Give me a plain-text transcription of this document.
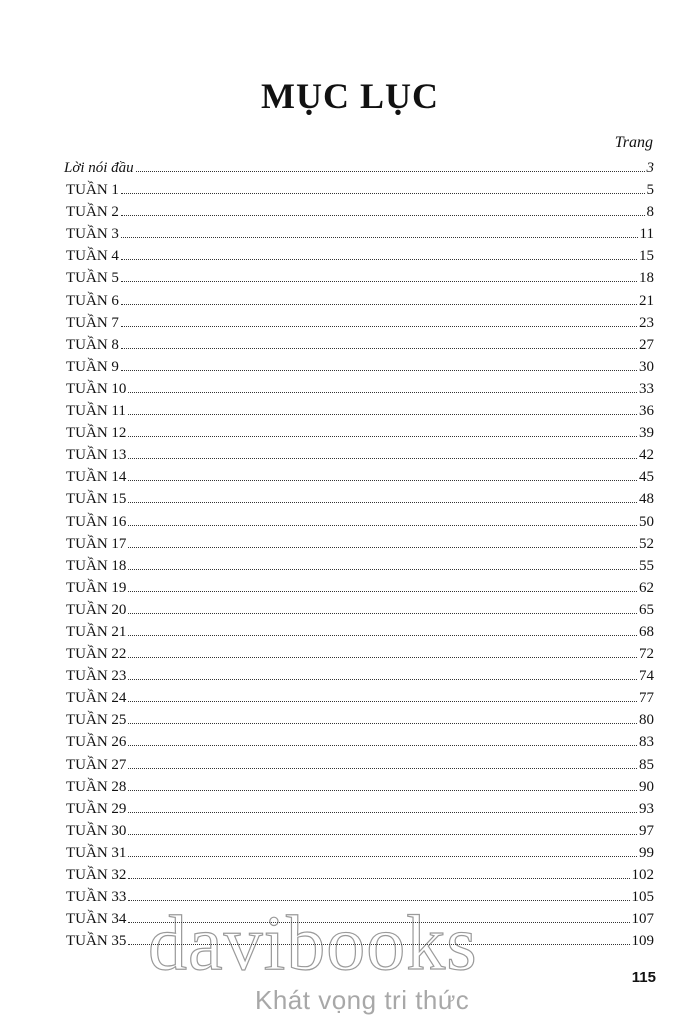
davibooks
Khát vọng tri thức
MỤC LỤC
Trang
Lời nói đầu	3
TUẦN 1	5
TUẦN 2	8
TUẦN 3	11
TUẦN 4	15
TUẦN 5	18
TUẦN 6	21
TUẦN 7	23
TUẦN 8	27
TUẦN 9	30
TUẦN 10	33
TUẦN 11	36
TUẦN 12	39
TUẦN 13	42
TUẦN 14	45
TUẦN 15	48
TUẦN 16	50
TUẦN 17	52
TUẦN 18	55
TUẦN 19	62
TUẦN 20	65
TUẦN 21	68
TUẦN 22	72
TUẦN 23	74
TUẦN 24	77
TUẦN 25	80
TUẦN 26	83
TUẦN 27	85
TUẦN 28	90
TUẦN 29	93
TUẦN 30	97
TUẦN 31	99
TUẦN 32	102
TUẦN 33	105
TUẦN 34	107
TUẦN 35	109
115
